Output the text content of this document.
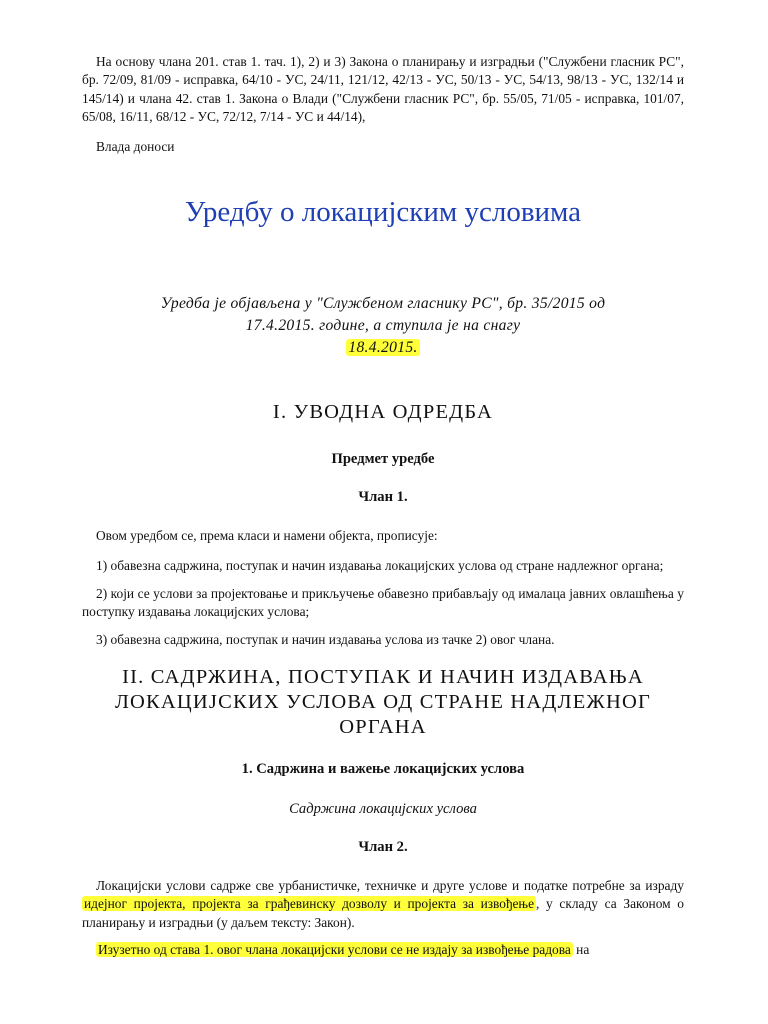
На основу члана 201. став 1. тач. 1), 2) и 3) Закона о планирању и изградњи ("Службени гласник РС", бр. 72/09, 81/09 - исправка, 64/10 - УС, 24/11, 121/12, 42/13 - УС, 50/13 - УС, 54/13, 98/13 - УС, 132/14 и 145/14) и члана 42. став 1. Закона о Влади ("Службени гласник РС", бр. 55/05, 71/05 - исправка, 101/07, 65/08, 16/11, 68/12 - УС, 72/12, 7/14 - УС и 44/14),

Влада доноси

Уредбу о локацијским условима

Уредба је објављена у "Службеном гласнику РС", бр. 35/2015 од 17.4.2015. године, а ступила је на снагу
18.4.2015.

I. УВОДНА ОДРЕДБА

Предмет уредбе

Члан 1.

Овом уредбом се, према класи и намени објекта, прописује:

1) обавезна садржина, поступак и начин издавања локацијских услова од стране надлежног органа;

2) који се услови за пројектовање и прикључење обавезно прибављају од ималаца јавних овлашћења у поступку издавања локацијских услова;

3) обавезна садржина, поступак и начин издавања услова из тачке 2) овог члана.

II. САДРЖИНА, ПОСТУПАК И НАЧИН ИЗДАВАЊА ЛОКАЦИЈСКИХ УСЛОВА ОД СТРАНЕ НАДЛЕЖНОГ ОРГАНА

1. Садржина и важење локацијских услова

Садржина локацијских услова

Члан 2.

Локацијски услови садрже све урбанистичке, техничке и друге услове и податке потребне за израду идејног пројекта, пројекта за грађевинску дозволу и пројекта за извођење , у складу са Законом о планирању и изградњи (у даљем тексту: Закон).

Изузетно од става 1. овог члана локацијски услови се не издају за извођење радова на
